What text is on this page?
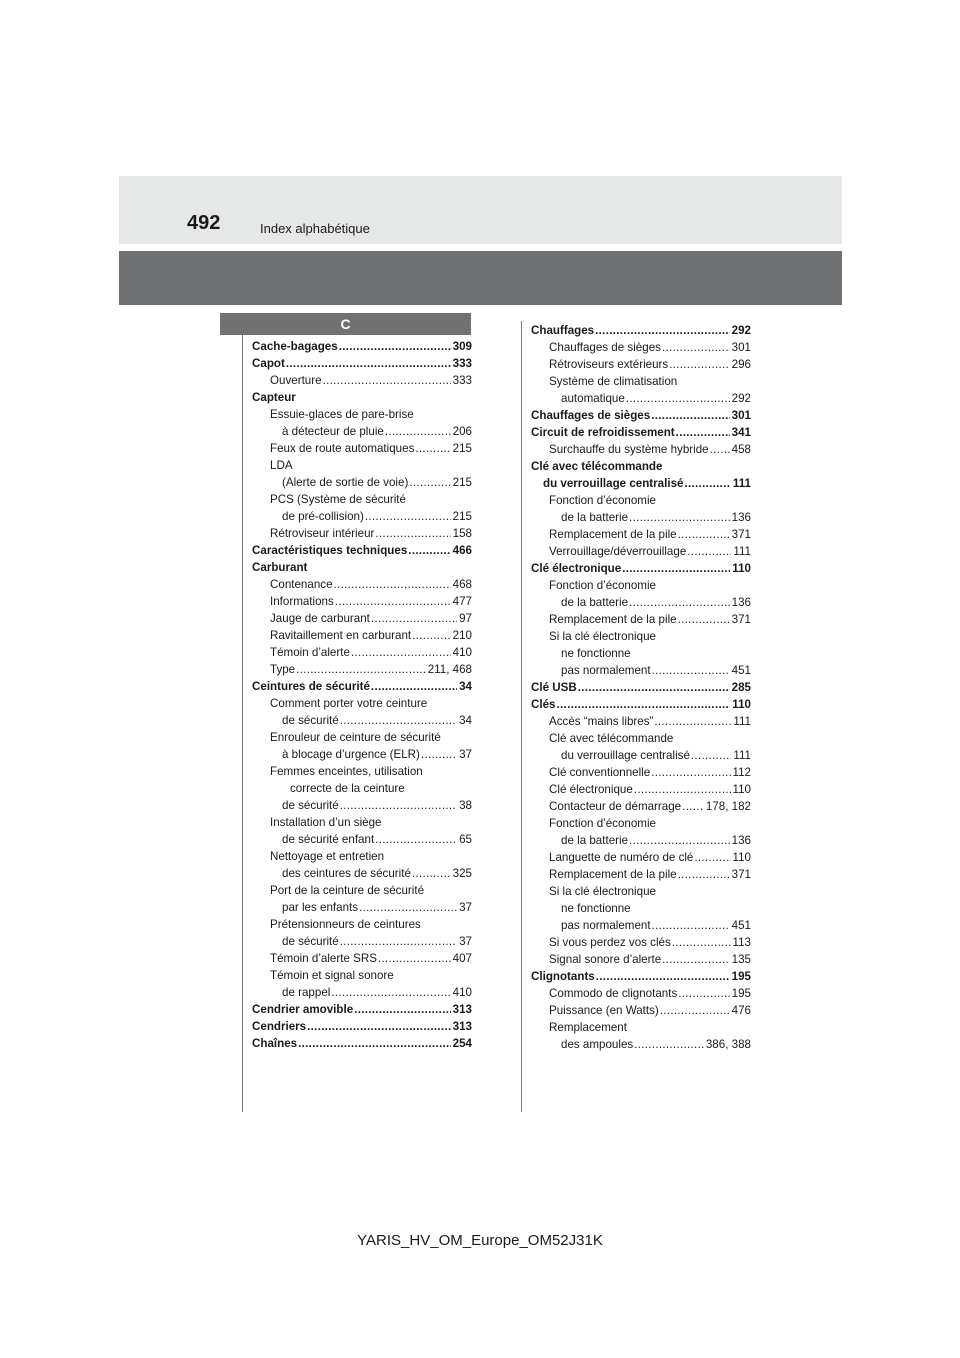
492	Index alphabétique
C
Cache-bagages .....	309
Capot .....	333
Ouverture .....	333
Capteur
Essuie-glaces de pare-brise
à détecteur de pluie .....	206
Feux de route automatiques .....	215
LDA
(Alerte de sortie de voie) .....	215
PCS (Système de sécurité
de pré-collision) .....	215
Rétroviseur intérieur .....	158
Caractéristiques techniques .....	466
Carburant
Contenance .....	468
Informations .....	477
Jauge de carburant .....	97
Ravitaillement en carburant .....	210
Témoin d’alerte .....	410
Type .....	211, 468
Ceintures de sécurité .....	34
Comment porter votre ceinture
de sécurité .....	34
Enrouleur de ceinture de sécurité
à blocage d’urgence (ELR) .....	37
Femmes enceintes, utilisation
correcte de la ceinture
de sécurité .....	38
Installation d’un siège
de sécurité enfant .....	65
Nettoyage et entretien
des ceintures de sécurité .....	325
Port de la ceinture de sécurité
par les enfants .....	37
Prétensionneurs de ceintures
de sécurité .....	37
Témoin d’alerte SRS .....	407
Témoin et signal sonore
de rappel .....	410
Cendrier amovible .....	313
Cendriers .....	313
Chaînes .....	254
Chauffages .....	292
Chauffages de sièges .....	301
Rétroviseurs extérieurs .....	296
Système de climatisation
automatique .....	292
Chauffages de sièges .....	301
Circuit de refroidissement .....	341
Surchauffe du système hybride ..... 458
Clé avec télécommande
du verrouillage centralisé .....	111
Fonction d’économie
de la batterie .....	136
Remplacement de la pile .....	371
Verrouillage/déverrouillage .....	111
Clé électronique .....	110
Fonction d’économie
de la batterie .....	136
Remplacement de la pile .....	371
Si la clé électronique
ne fonctionne
pas normalement .....	451
Clé USB .....	285
Clés .....	110
Accès “mains libres” .....	111
Clé avec télécommande
du verrouillage centralisé .....	111
Clé conventionnelle .....	112
Clé électronique .....	110
Contacteur de démarrage ..... 178, 182
Fonction d’économie
de la batterie .....	136
Languette de numéro de clé .....	110
Remplacement de la pile .....	371
Si la clé électronique
ne fonctionne
pas normalement .....	451
Si vous perdez vos clés .....	113
Signal sonore d’alerte .....	135
Clignotants .....	195
Commodo de clignotants .....	195
Puissance (en Watts) .....	476
Remplacement
des ampoules .....	386, 388
YARIS_HV_OM_Europe_OM52J31K
